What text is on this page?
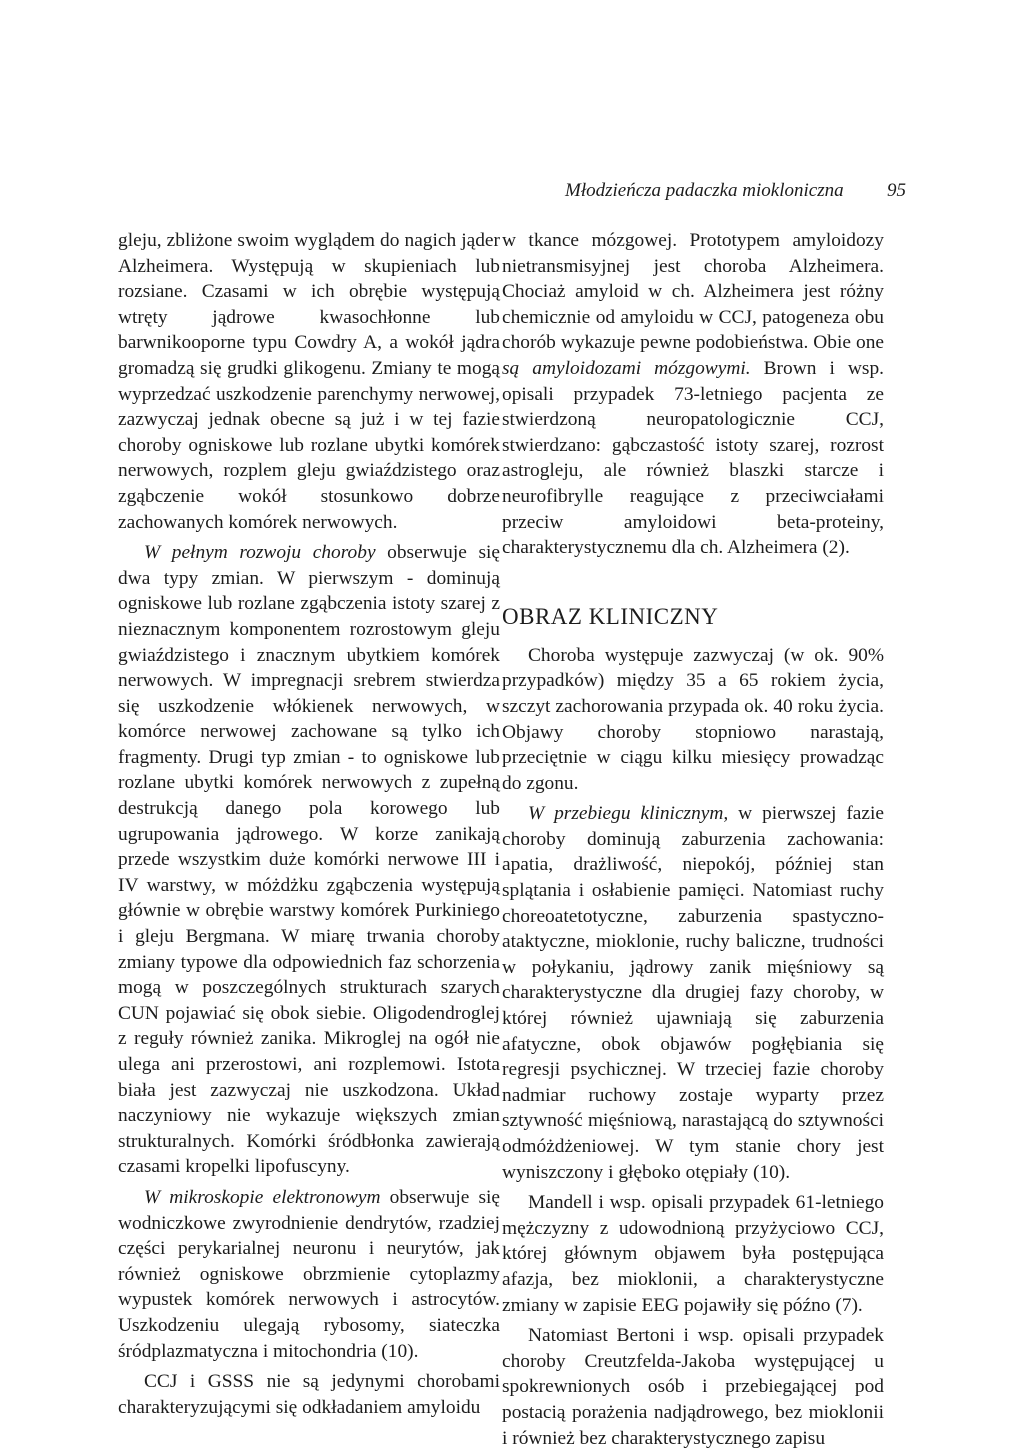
Młodzieńcza padaczka miokloniczna 95

gleju, zbliżone swoim wyglądem do nagich jąder Alzheimera. Występują w skupieniach lub rozsiane. Czasami w ich obrębie występują wtręty jądrowe kwasochłonne lub barwnikooporne typu Cowdry A, a wokół jądra gromadzą się grudki glikogenu. Zmiany te mogą wyprzedzać uszkodzenie parenchymy nerwowej, zazwyczaj jednak obecne są już i w tej fazie choroby ogniskowe lub rozlane ubytki komórek nerwowych, rozplem gleju gwiaździstego oraz zgąbczenie wokół stosunkowo dobrze zachowanych komórek nerwowych.

W pełnym rozwoju choroby obserwuje się dwa typy zmian. W pierwszym - dominują ogniskowe lub rozlane zgąbczenia istoty szarej z nieznacznym komponentem rozrostowym gleju gwiaździstego i znacznym ubytkiem komórek nerwowych. W impregnacji srebrem stwierdza się uszkodzenie włókienek nerwowych, w komórce nerwowej zachowane są tylko ich fragmenty. Drugi typ zmian - to ogniskowe lub rozlane ubytki komórek nerwowych z zupełną destrukcją danego pola korowego lub ugrupowania jądrowego. W korze zanikają przede wszystkim duże komórki nerwowe III i IV warstwy, w móżdżku zgąbczenia występują głównie w obrębie warstwy komórek Purkiniego i gleju Bergmana. W miarę trwania choroby zmiany typowe dla odpowiednich faz schorzenia mogą w poszczególnych strukturach szarych CUN pojawiać się obok siebie. Oligodendroglej z reguły również zanika. Mikroglej na ogół nie ulega ani przerostowi, ani rozplemowi. Istota biała jest zazwyczaj nie uszkodzona. Układ naczyniowy nie wykazuje większych zmian strukturalnych. Komórki śródbłonka zawierają czasami kropelki lipofuscyny.

W mikroskopie elektronowym obserwuje się wodniczkowe zwyrodnienie dendrytów, rzadziej części perykarialnej neuronu i neurytów, jak również ogniskowe obrzmienie cytoplazmy wypustek komórek nerwowych i astrocytów. Uszkodzeniu ulegają rybosomy, siateczka śródplazmatyczna i mitochondria (10).

CCJ i GSSS nie są jedynymi chorobami charakteryzującymi się odkładaniem amyloidu

w tkance mózgowej. Prototypem amyloidozy nietransmisyjnej jest choroba Alzheimera. Chociaż amyloid w ch. Alzheimera jest różny chemicznie od amyloidu w CCJ, patogeneza obu chorób wykazuje pewne podobieństwa. Obie one są amyloidozami mózgowymi. Brown i wsp. opisali przypadek 73-letniego pacjenta ze stwierdzoną neuropatologicznie CCJ, stwierdzano: gąbczastość istoty szarej, rozrost astrogleju, ale również blaszki starcze i neurofibrylle reagujące z przeciwciałami przeciw amyloidowi beta-proteiny, charakterystycznemu dla ch. Alzheimera (2).

OBRAZ KLINICZNY

Choroba występuje zazwyczaj (w ok. 90% przypadków) między 35 a 65 rokiem życia, szczyt zachorowania przypada ok. 40 roku życia. Objawy choroby stopniowo narastają, przeciętnie w ciągu kilku miesięcy prowadząc do zgonu.

W przebiegu klinicznym, w pierwszej fazie choroby dominują zaburzenia zachowania: apatia, drażliwość, niepokój, później stan splątania i osłabienie pamięci. Natomiast ruchy choreoatetotyczne, zaburzenia spastyczno-ataktyczne, mioklonie, ruchy baliczne, trudności w połykaniu, jądrowy zanik mięśniowy są charakterystyczne dla drugiej fazy choroby, w której również ujawniają się zaburzenia afatyczne, obok objawów pogłębiania się regresji psychicznej. W trzeciej fazie choroby nadmiar ruchowy zostaje wyparty przez sztywność mięśniową, narastającą do sztywności odmóżdżeniowej. W tym stanie chory jest wyniszczony i głęboko otępiały (10).

Mandell i wsp. opisali przypadek 61-letniego mężczyzny z udowodnioną przyżyciowo CCJ, której głównym objawem była postępująca afazja, bez mioklonii, a charakterystyczne zmiany w zapisie EEG pojawiły się późno (7).

Natomiast Bertoni i wsp. opisali przypadek choroby Creutzfelda-Jakoba występującej u spokrewnionych osób i przebiegającej pod postacią porażenia nadjądrowego, bez mioklonii i również bez charakterystycznego zapisu
